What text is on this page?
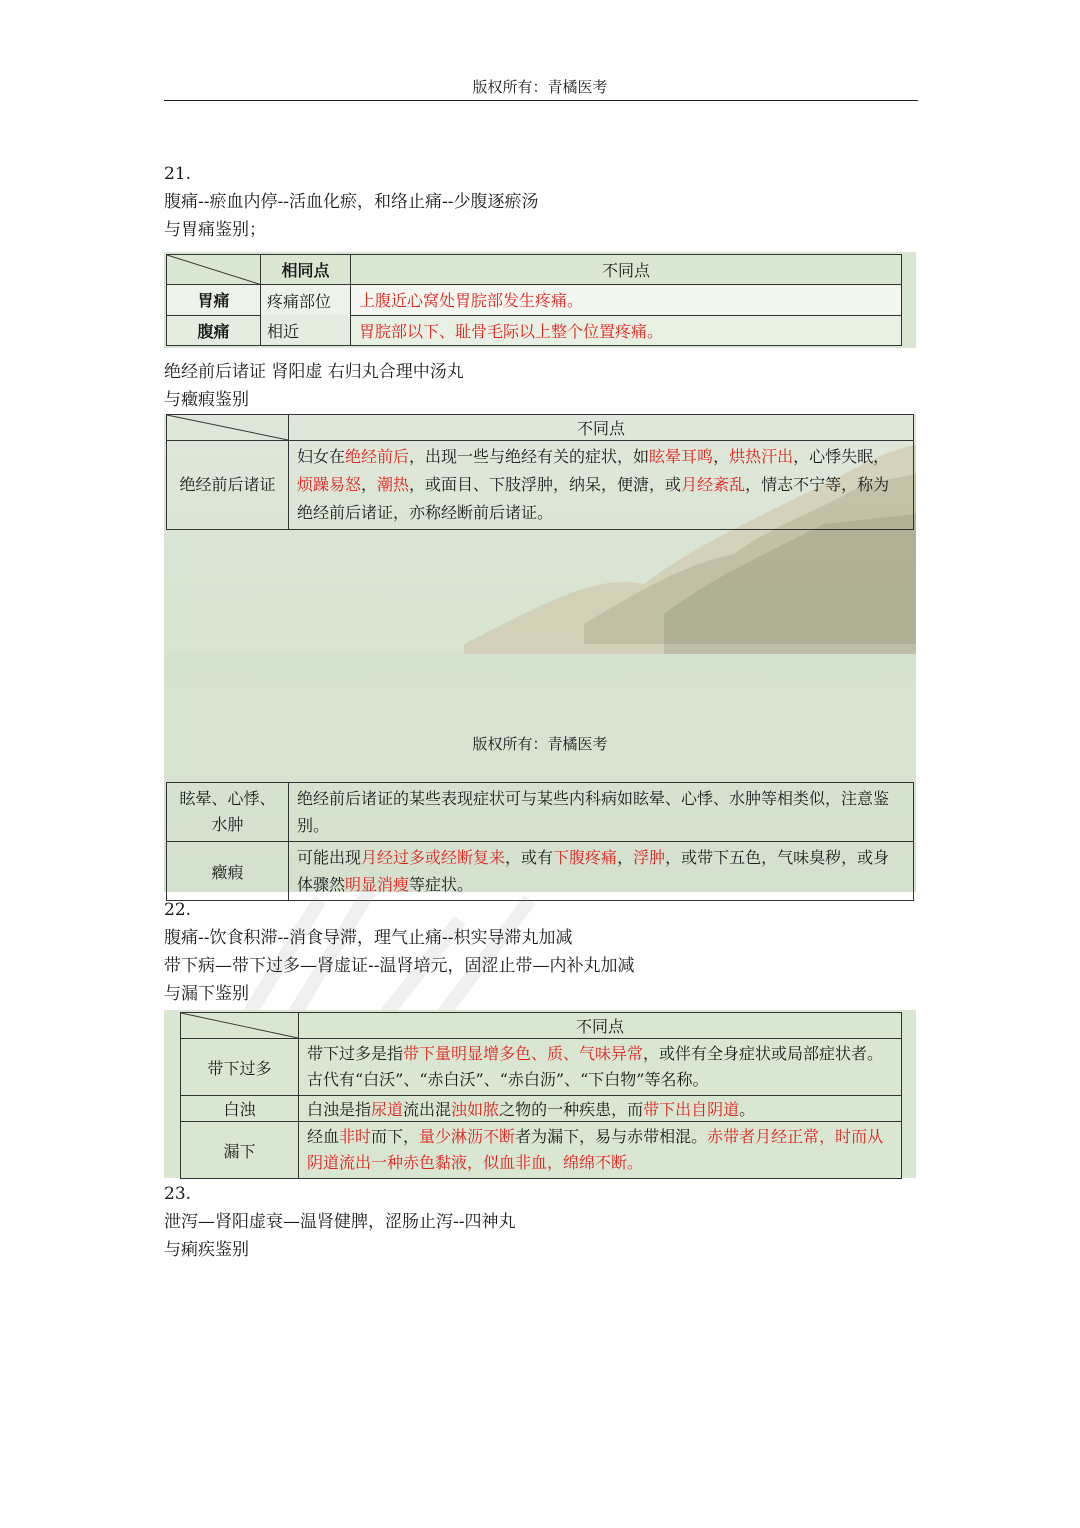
版权所有：青橘医考
21.
腹痛--瘀血内停--活血化瘀，和络止痛--少腹逐瘀汤
与胃痛鉴别；
	相同点	不同点
胃痛	疼痛部位	上腹近心窝处胃脘部发生疼痛。
腹痛	相近	胃脘部以下、耻骨毛际以上整个位置疼痛。
绝经前后诸证 肾阳虚 右归丸合理中汤丸
与癥瘕鉴别
	不同点
绝经前后诸证	妇女在绝经前后，出现一些与绝经有关的症状，如眩晕耳鸣，烘热汗出，心悸失眠，烦躁易怒，潮热，或面目、下肢浮肿，纳呆，便溏，或月经紊乱，情志不宁等，称为绝经前后诸证，亦称经断前后诸证。
版权所有：青橘医考
眩晕、心悸、水肿	绝经前后诸证的某些表现症状可与某些内科病如眩晕、心悸、水肿等相类似，注意鉴别。
癥瘕	可能出现月经过多或经断复来，或有下腹疼痛，浮肿，或带下五色，气味臭秽，或身体骤然明显消瘦等症状。
22.
腹痛--饮食积滞--消食导滞，理气止痛--枳实导滞丸加减
带下病—带下过多—肾虚证--温肾培元，固涩止带—内补丸加减
与漏下鉴别
	不同点
带下过多	带下过多是指带下量明显增多色、质、气味异常，或伴有全身症状或局部症状者。古代有“白沃”、“赤白沃”、“赤白沥”、“下白物”等名称。
白浊	白浊是指尿道流出混浊如脓之物的一种疾患，而带下出自阴道。
漏下	经血非时而下，量少淋沥不断者为漏下，易与赤带相混。赤带者月经正常，时而从阴道流出一种赤色黏液，似血非血，绵绵不断。
23.
泄泻—肾阳虚衰—温肾健脾，涩肠止泻--四神丸
与痢疾鉴别
